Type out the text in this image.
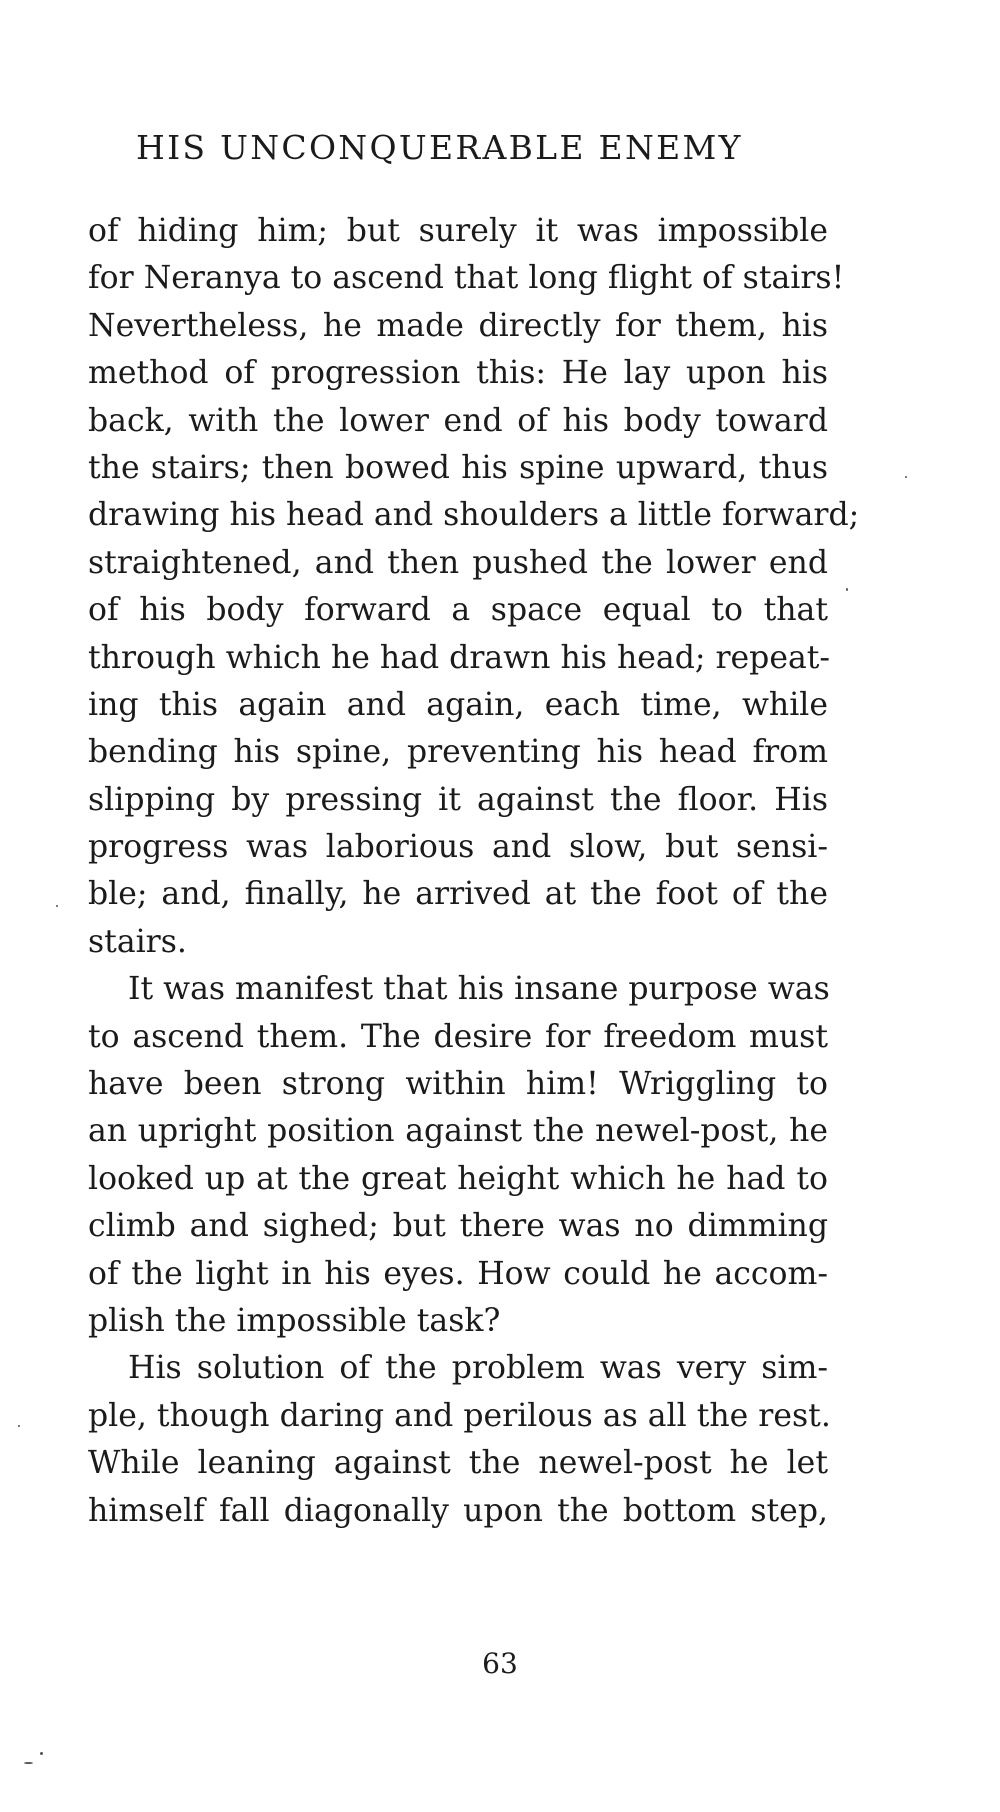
HIS UNCONQUERABLE ENEMY
of hiding him; but surely it was impossible
for Neranya to ascend that long flight of stairs!
Nevertheless, he made directly for them, his
method of progression this: He lay upon his
back, with the lower end of his body toward
the stairs; then bowed his spine upward, thus
drawing his head and shoulders a little forward;
straightened, and then pushed the lower end
of his body forward a space equal to that
through which he had drawn his head; repeat-
ing this again and again, each time, while
bending his spine, preventing his head from
slipping by pressing it against the floor. His
progress was laborious and slow, but sensi-
ble; and, finally, he arrived at the foot of the
stairs.
It was manifest that his insane purpose was
to ascend them. The desire for freedom must
have been strong within him! Wriggling to
an upright position against the newel-post, he
looked up at the great height which he had to
climb and sighed; but there was no dimming
of the light in his eyes. How could he accom-
plish the impossible task?
His solution of the problem was very sim-
ple, though daring and perilous as all the rest.
While leaning against the newel-post he let
himself fall diagonally upon the bottom step,
63
